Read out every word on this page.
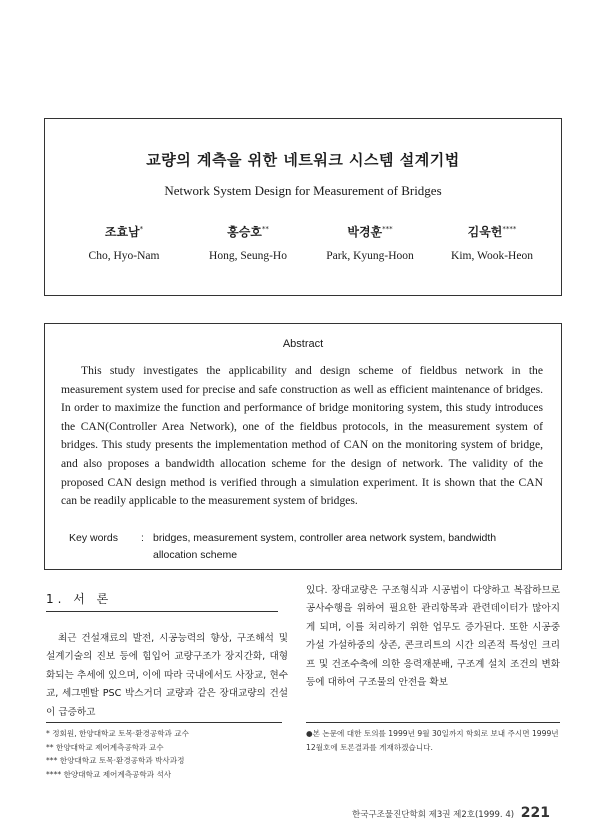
교량의 계측을 위한 네트워크 시스템 설계기법
Network System Design for Measurement of Bridges
조효남*
Cho, Hyo-Nam
홍승호**
Hong, Seung-Ho
박경훈***
Park, Kyung-Hoon
김욱헌****
Kim, Wook-Heon
Abstract
This study investigates the applicability and design scheme of fieldbus network in the measurement system used for precise and safe construction as well as efficient maintenance of bridges. In order to maximize the function and performance of bridge monitoring system, this study introduces the CAN(Controller Area Network), one of the fieldbus protocols, in the measurement system of bridges. This study presents the implementation method of CAN on the monitoring system of bridge, and also proposes a bandwidth allocation scheme for the design of network. The validity of the proposed CAN design method is verified through a simulation experiment. It is shown that the CAN can be readily applicable to the measurement system of bridges.
Key words : bridges, measurement system, controller area network system, bandwidth allocation scheme
1. 서 론
최근 건설재료의 발전, 시공능력의 향상, 구조해석 및 설계기술의 진보 등에 힘입어 교량구조가 장지간화, 대형화되는 추세에 있으며, 이에 따라 국내에서도 사장교, 현수교, 세그멘탈 PSC 박스거더 교량과 같은 장대교량의 건설이 급증하고
있다. 장대교량은 구조형식과 시공법이 다양하고 복잡하므로 공사수행을 위하여 필요한 관리항목과 관련데이터가 많아지게 되며, 이를 처리하기 위한 업무도 증가된다. 또한 시공중 가설 가설하중의 상존, 콘크리트의 시간 의존적 특성인 크리프 및 건조수축에 의한 응력재분배, 구조계 설치 조건의 변화 등에 대하여 구조물의 안전을 확보
* 정회원, 한양대학교 토목·환경공학과 교수
** 한양대학교 제어계측공학과 교수
*** 한양대학교 토목·환경공학과 박사과정
**** 한양대학교 제어계측공학과 석사
●본 논문에 대한 토의를 1999년 9월 30일까지 학회로 보내 주시면 1999년 12월호에 토론결과를 게재하겠습니다.
한국구조물진단학회 제3권 제2호(1999. 4) 221
